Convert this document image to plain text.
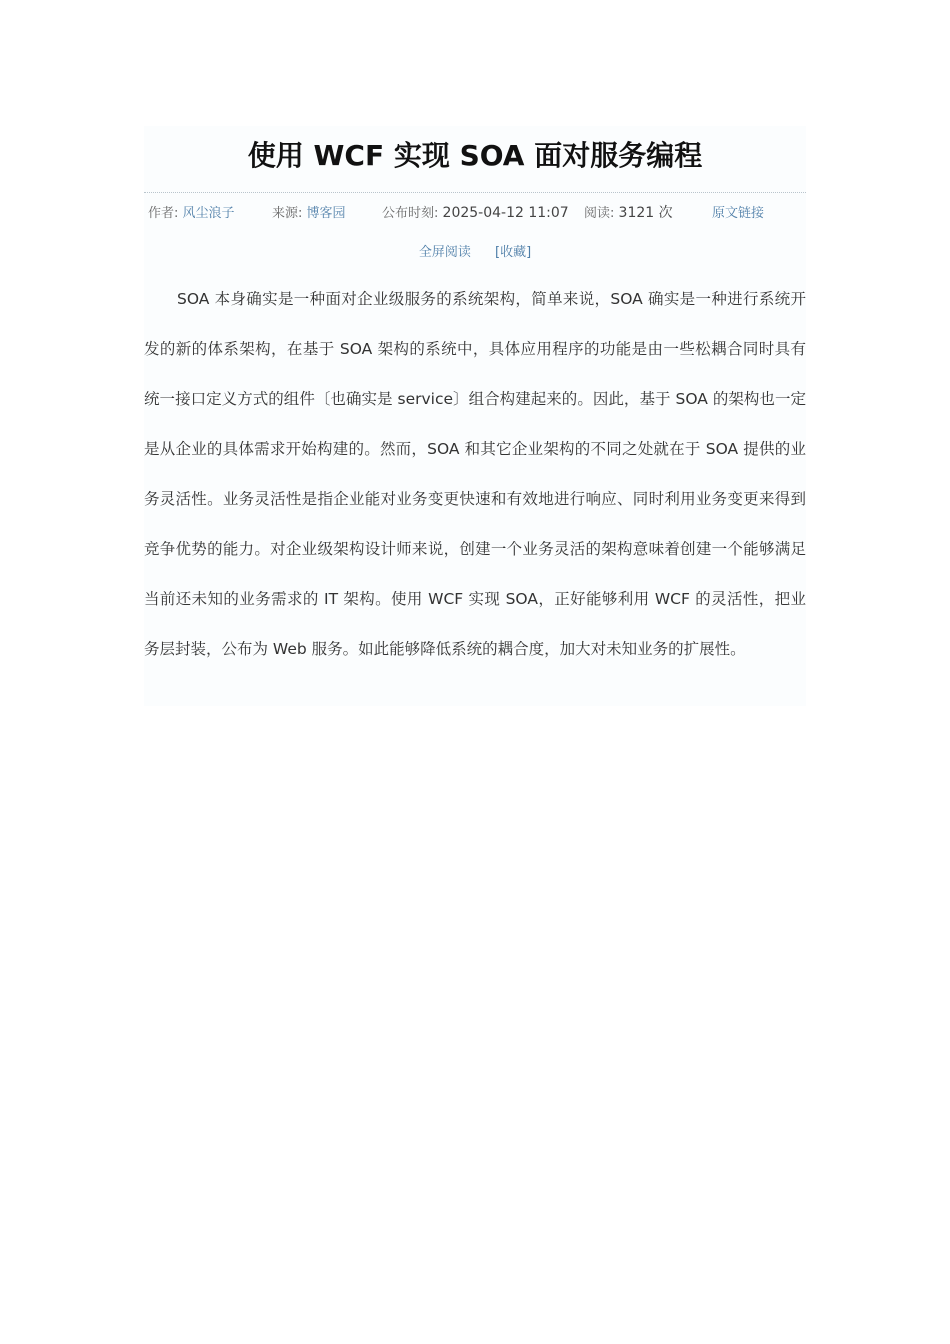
使用 WCF 实现 SOA 面对服务编程
作者: 风尘浪子	来源: 博客园	公布时刻: 2025-04-12 11:07 阅读: 3121 次	原文链接
全屏阅读 [收藏]

SOA 本身确实是一种面对企业级服务的系统架构，简单来说，SOA 确实是一种进行系统开发的新的体系架构，在基于 SOA 架构的系统中，具体应用程序的功能是由一些松耦合同时具有统一接口定义方式的组件〔也确实是 service〕组合构建起来的。因此，基于 SOA 的架构也一定是从企业的具体需求开始构建的。然而，SOA 和其它企业架构的不同之处就在于 SOA 提供的业务灵活性。业务灵活性是指企业能对业务变更快速和有效地进行响应、同时利用业务变更来得到竞争优势的能力。对企业级架构设计师来说，创建一个业务灵活的架构意味着创建一个能够满足当前还未知的业务需求的 IT 架构。使用 WCF 实现 SOA，正好能够利用 WCF 的灵活性，把业务层封装，公布为 Web 服务。如此能够降低系统的耦合度，加大对未知业务的扩展性。
